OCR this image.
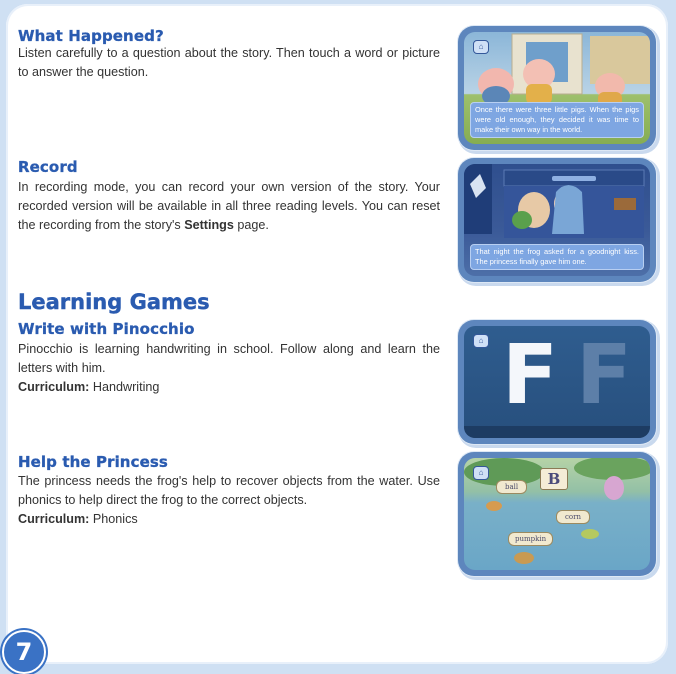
What Happened?

Listen carefully to a question about the story. Then touch a word or picture to answer the question.

⌂
Once there were three little pigs. When the pigs were old enough, they decided it was time to make their own way in the world.
Record

In recording mode, you can record your own version of the story. Your recorded version will be available in all three reading levels. You can reset the recording from the story's Settings page.

That night the frog asked for a goodnight kiss. The princess finally gave him one.
Learning Games
Write with Pinocchio

Pinocchio is learning handwriting in school. Follow along and learn the letters with him.

Curriculum: Handwriting

⌂ F F
Help the Princess

The princess needs the frog's help to recover objects from the water. Use phonics to help direct the frog to the correct objects.

Curriculum: Phonics

⌂	B
ball
corn
pumpkin
7
